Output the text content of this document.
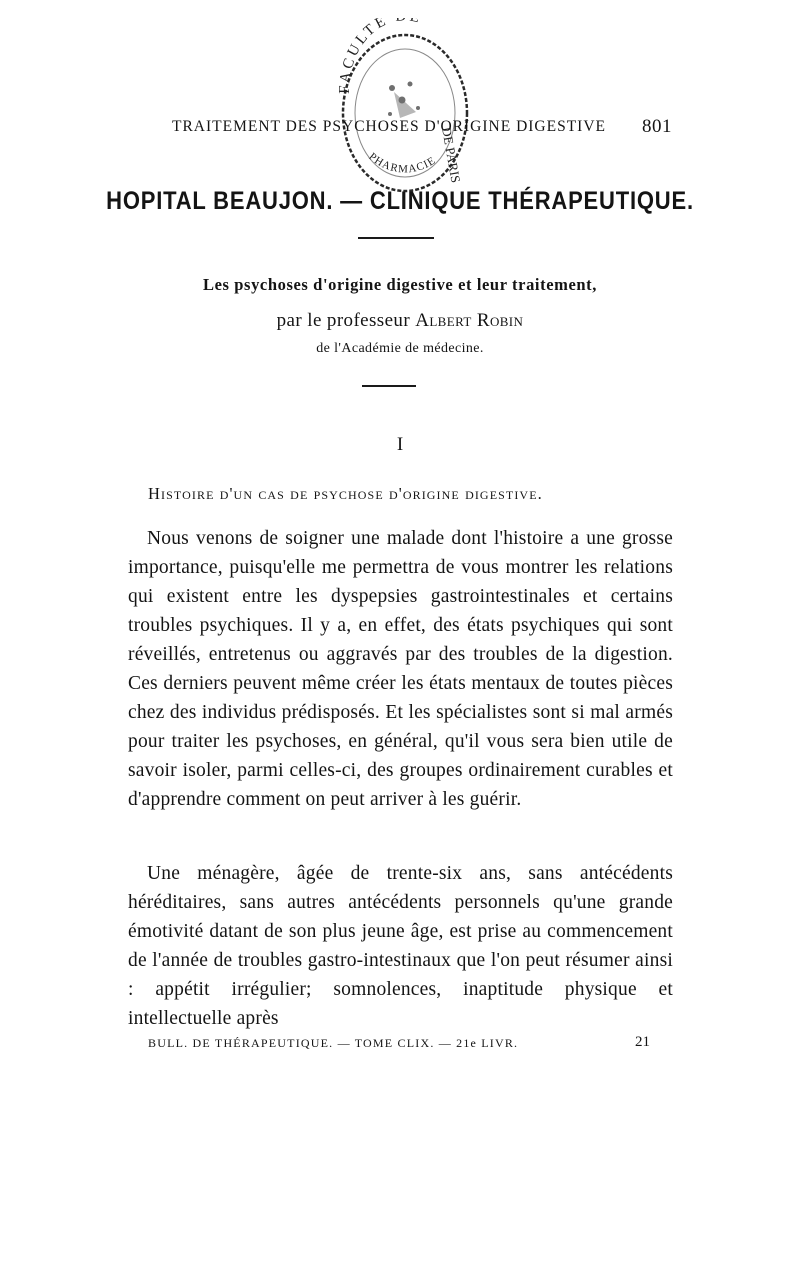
FACULTÉ
DE PARIS
PHARMACIE
TRAITEMENT DES PSYCHOSES D'ORIGINE DIGESTIVE 801
HOPITAL BEAUJON. — CLINIQUE THÉRAPEUTIQUE.
Les psychoses d'origine digestive et leur traitement,
par le professeur Albert Robin
de l'Académie de médecine.
I
Histoire d'un cas de psychose d'origine digestive.
Nous venons de soigner une malade dont l'histoire a une grosse importance, puisqu'elle me permettra de vous montrer les relations qui existent entre les dyspepsies gastrointestinales et certains troubles psychiques. Il y a, en effet, des états psychiques qui sont réveillés, entretenus ou aggravés par des troubles de la digestion. Ces derniers peuvent même créer les états mentaux de toutes pièces chez des individus prédisposés. Et les spécialistes sont si mal armés pour traiter les psychoses, en général, qu'il vous sera bien utile de savoir isoler, parmi celles-ci, des groupes ordinairement curables et d'apprendre comment on peut arriver à les guérir.
Une ménagère, âgée de trente-six ans, sans antécédents héréditaires, sans autres antécédents personnels qu'une grande émotivité datant de son plus jeune âge, est prise au commencement de l'année de troubles gastro-intestinaux que l'on peut résumer ainsi : appétit irrégulier; somnolences, inaptitude physique et intellectuelle après
BULL. DE THÉRAPEUTIQUE. — TOME CLIX. — 21e LIVR.	21
